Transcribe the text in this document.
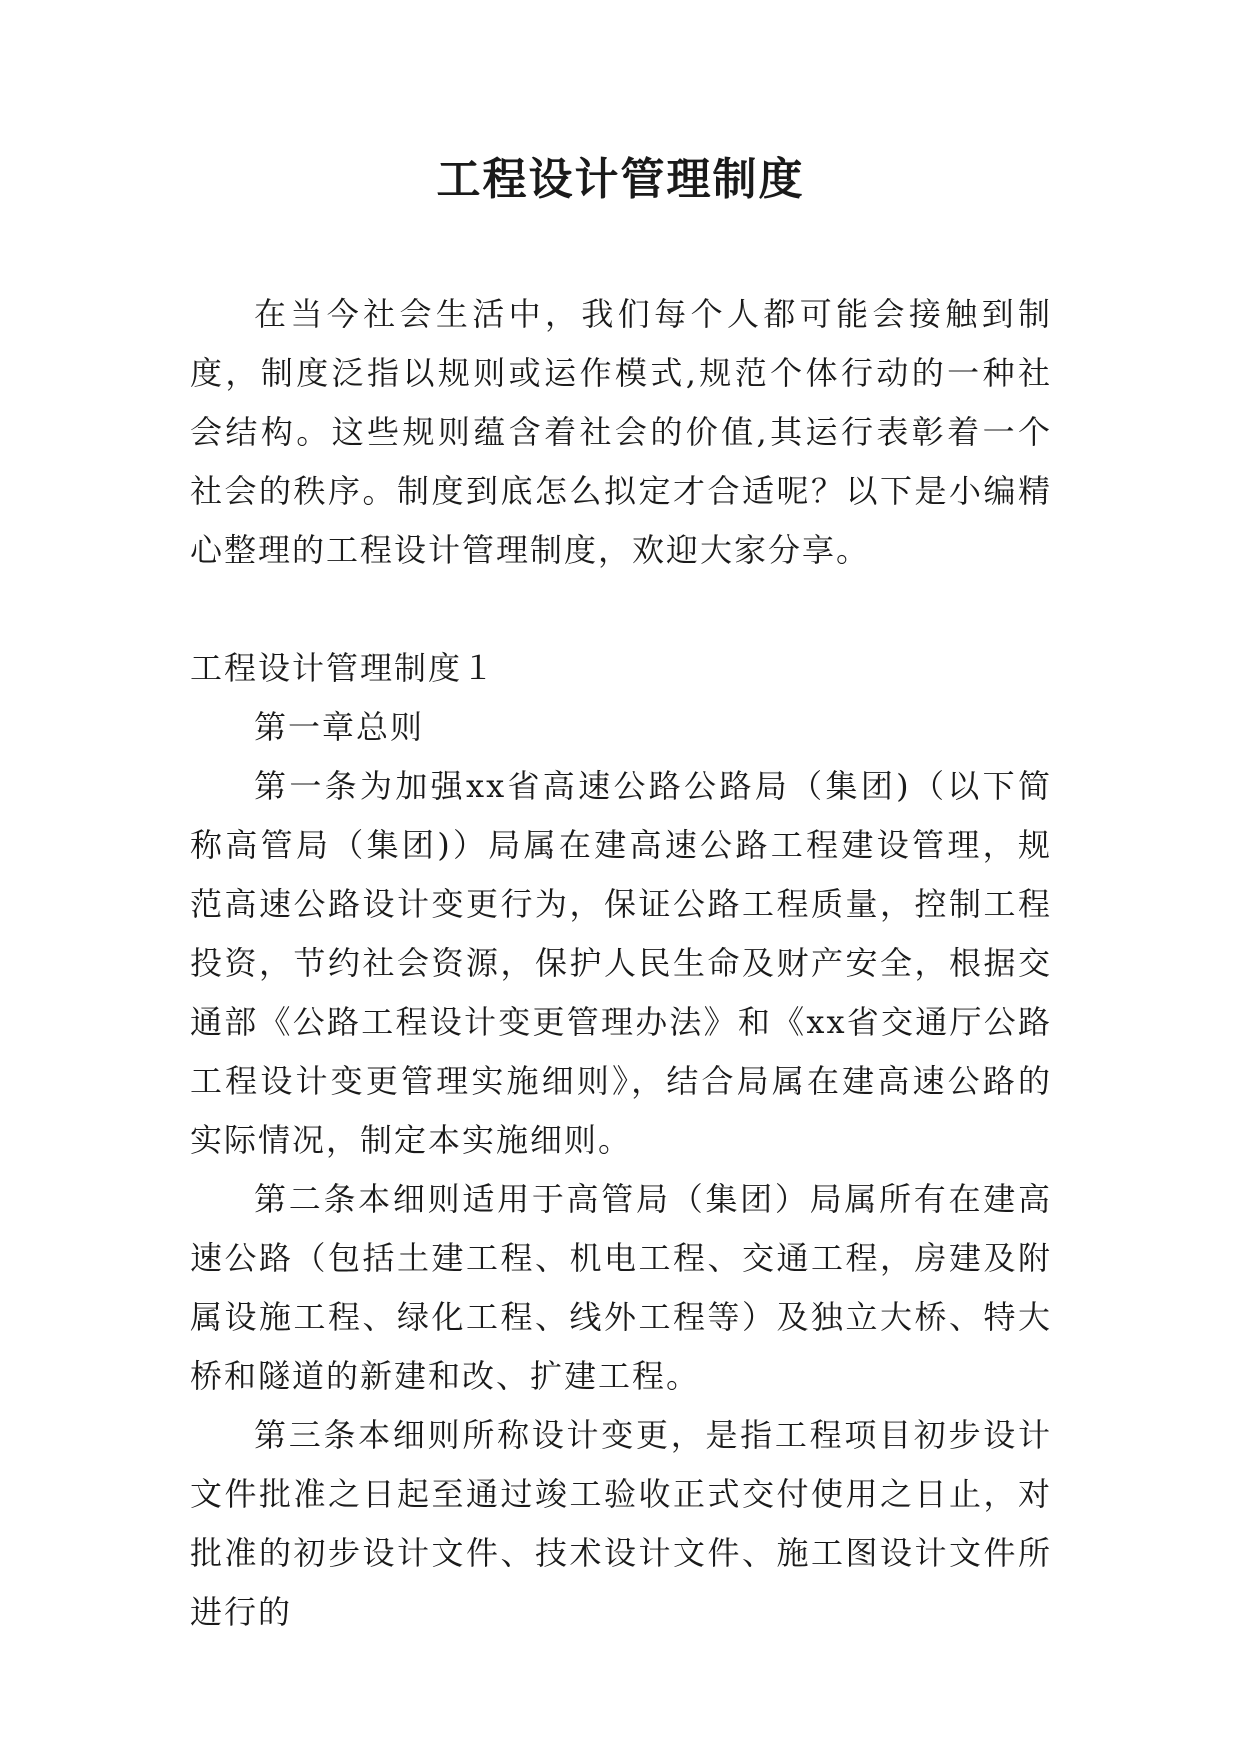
工程设计管理制度

在当今社会生活中，我们每个人都可能会接触到制度，制度泛指以规则或运作模式,规范个体行动的一种社会结构。这些规则蕴含着社会的价值,其运行表彰着一个社会的秩序。制度到底怎么拟定才合适呢？以下是小编精心整理的工程设计管理制度，欢迎大家分享。

工程设计管理制度１

第一章总则

第一条为加强xx省高速公路公路局（集团)（以下简称高管局（集团)）局属在建高速公路工程建设管理，规范高速公路设计变更行为，保证公路工程质量，控制工程投资，节约社会资源，保护人民生命及财产安全，根据交通部《公路工程设计变更管理办法》和《xx省交通厅公路工程设计变更管理实施细则》，结合局属在建高速公路的实际情况，制定本实施细则。

第二条本细则适用于高管局（集团）局属所有在建高速公路（包括土建工程、机电工程、交通工程，房建及附属设施工程、绿化工程、线外工程等）及独立大桥、特大桥和隧道的新建和改、扩建工程。

第三条本细则所称设计变更，是指工程项目初步设计文件批准之日起至通过竣工验收正式交付使用之日止，对批准的初步设计文件、技术设计文件、施工图设计文件所进行的
